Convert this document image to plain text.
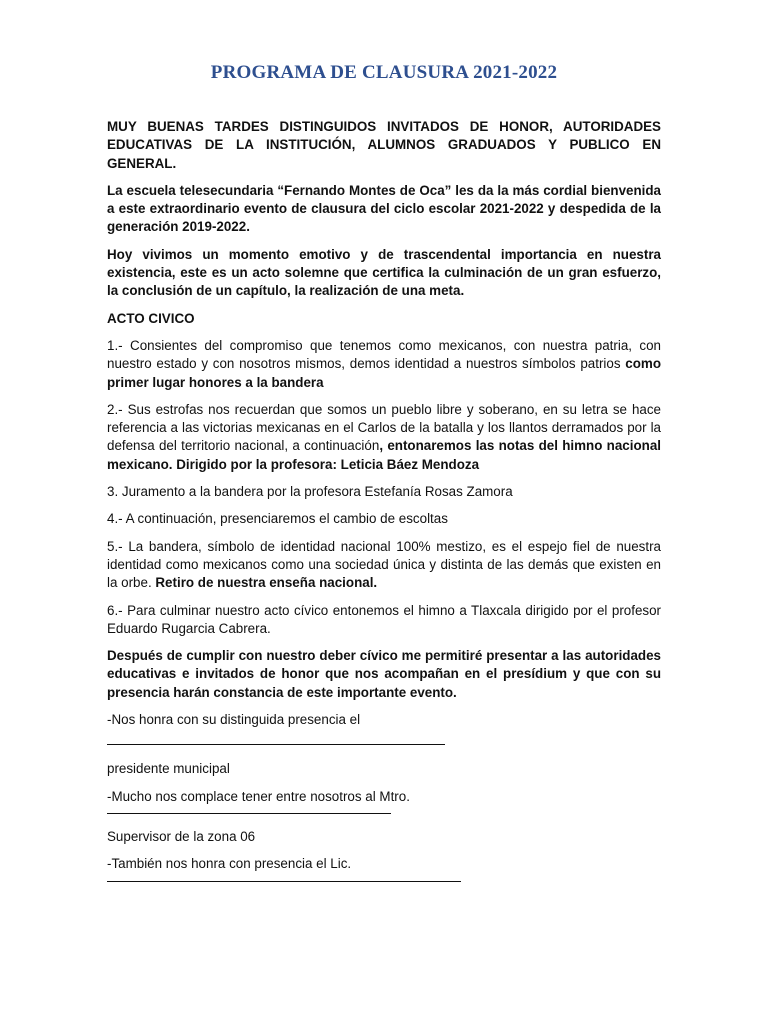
PROGRAMA DE CLAUSURA 2021-2022

MUY BUENAS TARDES DISTINGUIDOS INVITADOS DE HONOR, AUTORIDADES EDUCATIVAS DE LA INSTITUCIÓN, ALUMNOS GRADUADOS Y PUBLICO EN GENERAL.

La escuela telesecundaria “Fernando Montes de Oca” les da la más cordial bienvenida a este extraordinario evento de clausura del ciclo escolar 2021-2022 y despedida de la generación 2019-2022.

Hoy vivimos un momento emotivo y de trascendental importancia en nuestra existencia, este es un acto solemne que certifica la culminación de un gran esfuerzo, la conclusión de un capítulo, la realización de una meta.

ACTO CIVICO

1.- Consientes del compromiso que tenemos como mexicanos, con nuestra patria, con nuestro estado y con nosotros mismos, demos identidad a nuestros símbolos patrios como primer lugar honores a la bandera

2.- Sus estrofas nos recuerdan que somos un pueblo libre y soberano, en su letra se hace referencia a las victorias mexicanas en el Carlos de la batalla y los llantos derramados por la defensa del territorio nacional, a continuación, entonaremos las notas del himno nacional mexicano. Dirigido por la profesora: Leticia Báez Mendoza

3. Juramento a la bandera por la profesora Estefanía Rosas Zamora

4.- A continuación, presenciaremos el cambio de escoltas

5.- La bandera, símbolo de identidad nacional 100% mestizo, es el espejo fiel de nuestra identidad como mexicanos como una sociedad única y distinta de las demás que existen en la orbe. Retiro de nuestra enseña nacional.

6.- Para culminar nuestro acto cívico entonemos el himno a Tlaxcala dirigido por el profesor Eduardo Rugarcia Cabrera.

Después de cumplir con nuestro deber cívico me permitiré presentar a las autoridades educativas e invitados de honor que nos acompañan en el presídium y que con su presencia harán constancia de este importante evento.

-Nos honra con su distinguida presencia el

presidente municipal

-Mucho nos complace tener entre nosotros al Mtro.

Supervisor de la zona 06

-También nos honra con presencia el Lic.
